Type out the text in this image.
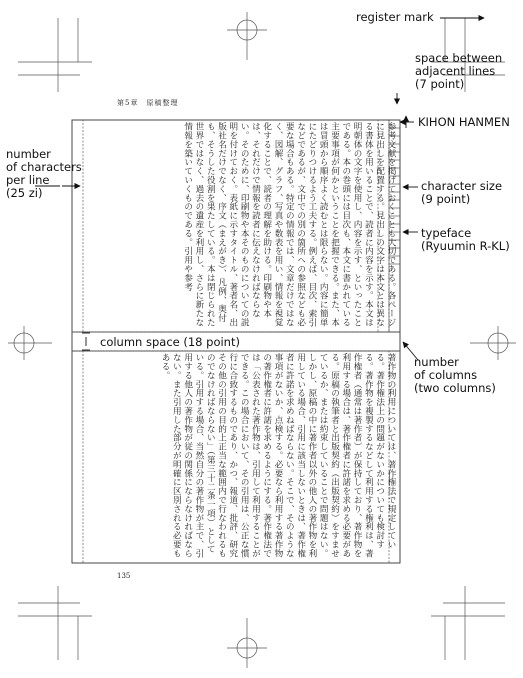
第5章　原稿整理
参考文献を掲げておくことも大切である。各ページに見出しを配置する。見出しの文字は本文とは異なる書体を用いることで、読者に内容を示す。本文は明朝体の文字を使用し、内容を示す、といったことである。本の巻頭には目次も、本文に書かれている主要事項が何かということを把握できる。また、本は冒頭から順序よく読むとは限らない。内容に簡単にたどりつけるよう工夫する。例えば、目次、索引などであるが、文中での別の箇所への参照なども必要な場合もある。特定の情報では、文章だけではなく、図解、グラフ、写真や数表を用い、情報を視覚化することで、読者の理解を助ける。印刷物や本は、それだけで情報を読者に伝えなければならない。そのために、印刷物や本そのものについての説明を付けておく。表紙に示すタイトル、著者名、出版社名だけでなく、序文（まえがき）、凡例、奥付も、そうした役割を果たしている。本は閉じられた世界ではなく、過去の遺産を利用し、さらに新たな情報を築いていくものである。引用や参考
著作物の利用については、著作権法で規定している。著作権法上の問題がないかについても検討する。著作物を複製するなどして利用する権利は、著作権者（通常は著作者）が保持しており、著作物を利用する場合は、著作権者に許諾を求める必要がある。原稿の執筆者と出版契約（出版契約）をすませているか、または約束していることで問題はない。しかし、原稿の中に著作者以外の他人の著作物を利用している場合、引用に該当しないときは、著作権者に許諾を求めねばならない。そこで、そのような事項がないか、点検する。必要なら利用する著作物の著作権者に許諾を求めるようにする。著作権法では「公表された著作物は、引用して利用することができる。この場合において、その引用は、公正な慣行に合致するものであり、かつ、報道、批評、研究その他の引用の目的上正当な範囲内で行なわれるものでなければならない」（第三十二条一項）としている。引用する場合、当然自分の著作物が主で、引用する他人の著作物が従の関係にならなければならない。また引用した部分が明確に区別される必要もある。
135
register mark
space between
adjacent lines
(7 point)
KIHON HANMEN
character size
(9 point)
typeface
(Ryuumin R-KL)
number
of characters
per line
(25 zi)
column space (18 point)
number
of columns
(two columns)
